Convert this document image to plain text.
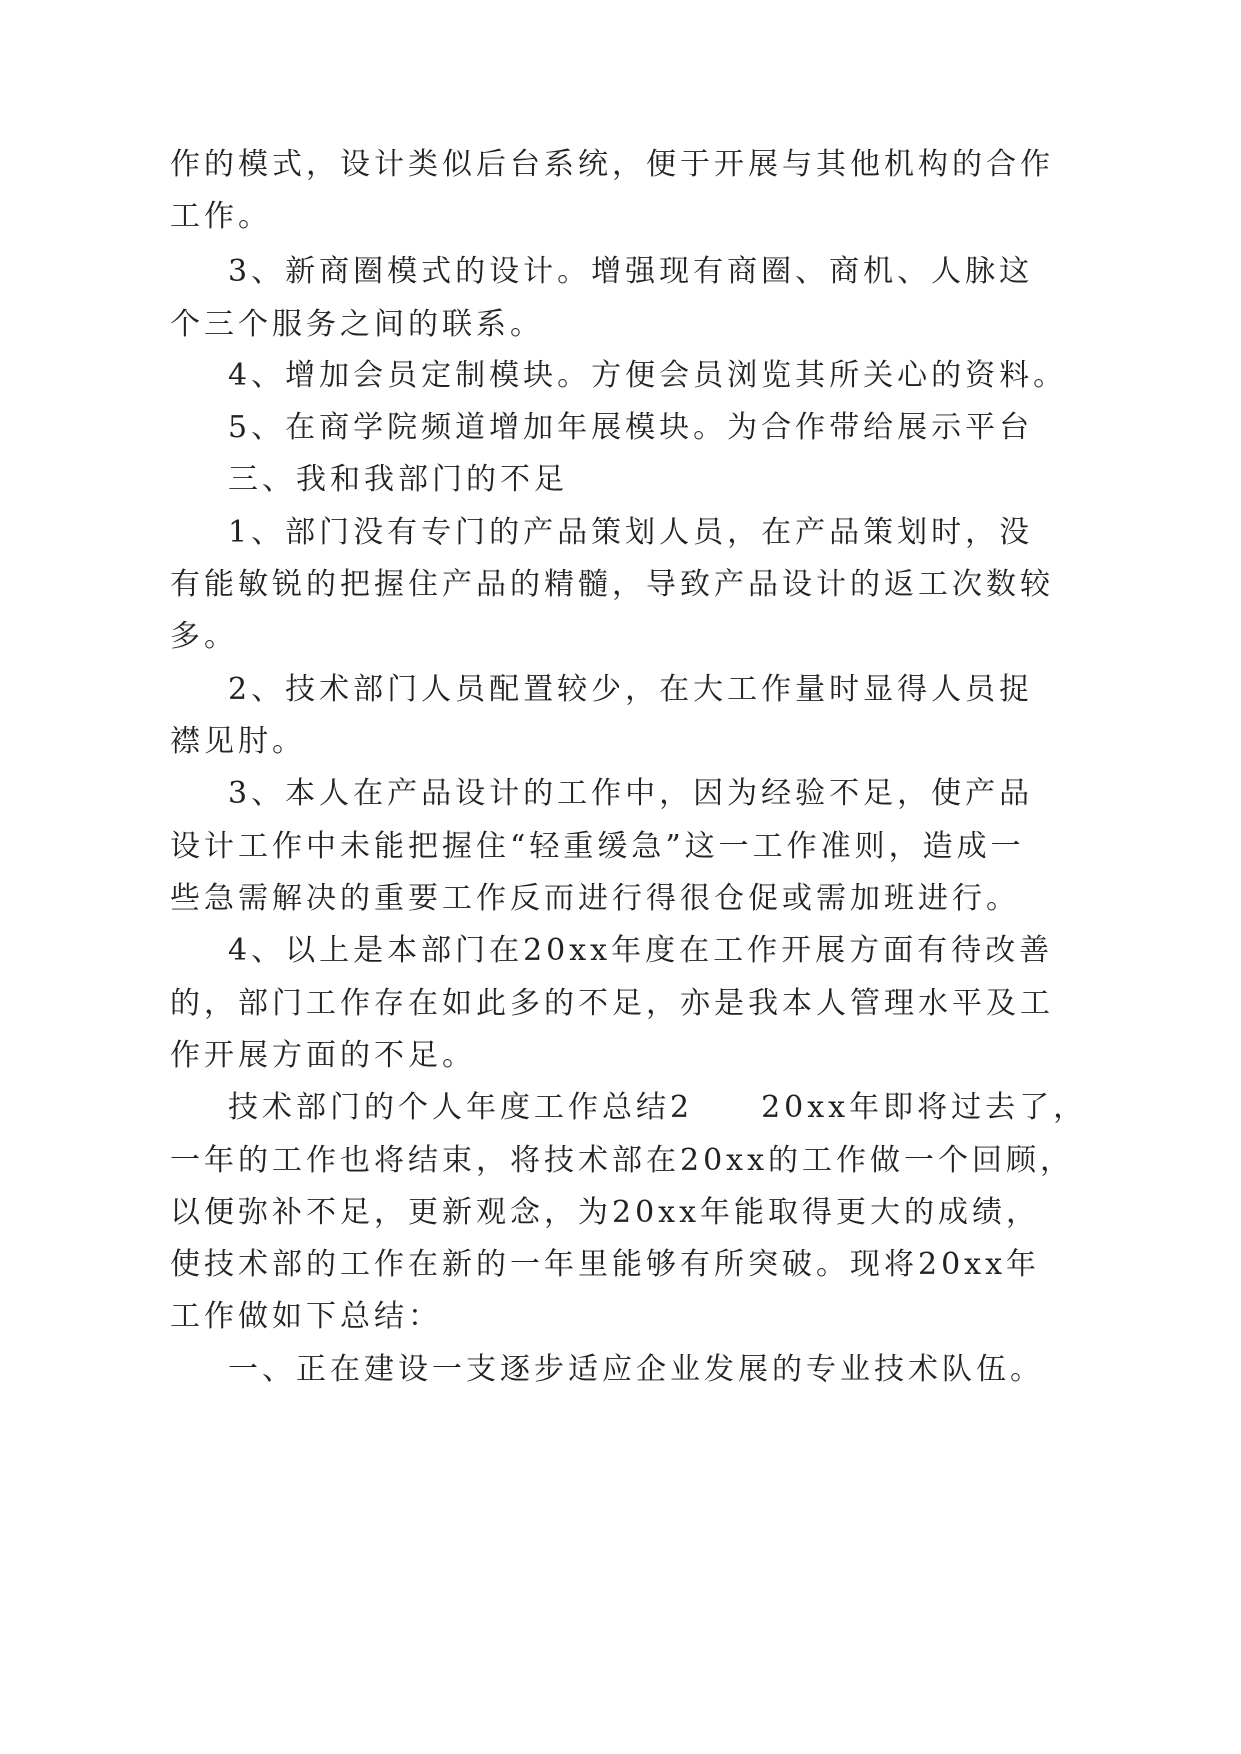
作的模式，设计类似后台系统，便于开展与其他机构的合作
工作。
3、新商圈模式的设计。增强现有商圈、商机、人脉这
个三个服务之间的联系。
4、增加会员定制模块。方便会员浏览其所关心的资料。
5、在商学院频道增加年展模块。为合作带给展示平台
三、我和我部门的不足
1、部门没有专门的产品策划人员，在产品策划时，没
有能敏锐的把握住产品的精髓，导致产品设计的返工次数较
多。
2、技术部门人员配置较少，在大工作量时显得人员捉
襟见肘。
3、本人在产品设计的工作中，因为经验不足，使产品
设计工作中未能把握住“轻重缓急”这一工作准则，造成一
些急需解决的重要工作反而进行得很仓促或需加班进行。
4、以上是本部门在20xx年度在工作开展方面有待改善
的，部门工作存在如此多的不足，亦是我本人管理水平及工
作开展方面的不足。
技术部门的个人年度工作总结2　　20xx年即将过去了，
一年的工作也将结束，将技术部在20xx的工作做一个回顾，
以便弥补不足，更新观念，为20xx年能取得更大的成绩，
使技术部的工作在新的一年里能够有所突破。现将20xx年
工作做如下总结：
一、正在建设一支逐步适应企业发展的专业技术队伍。
